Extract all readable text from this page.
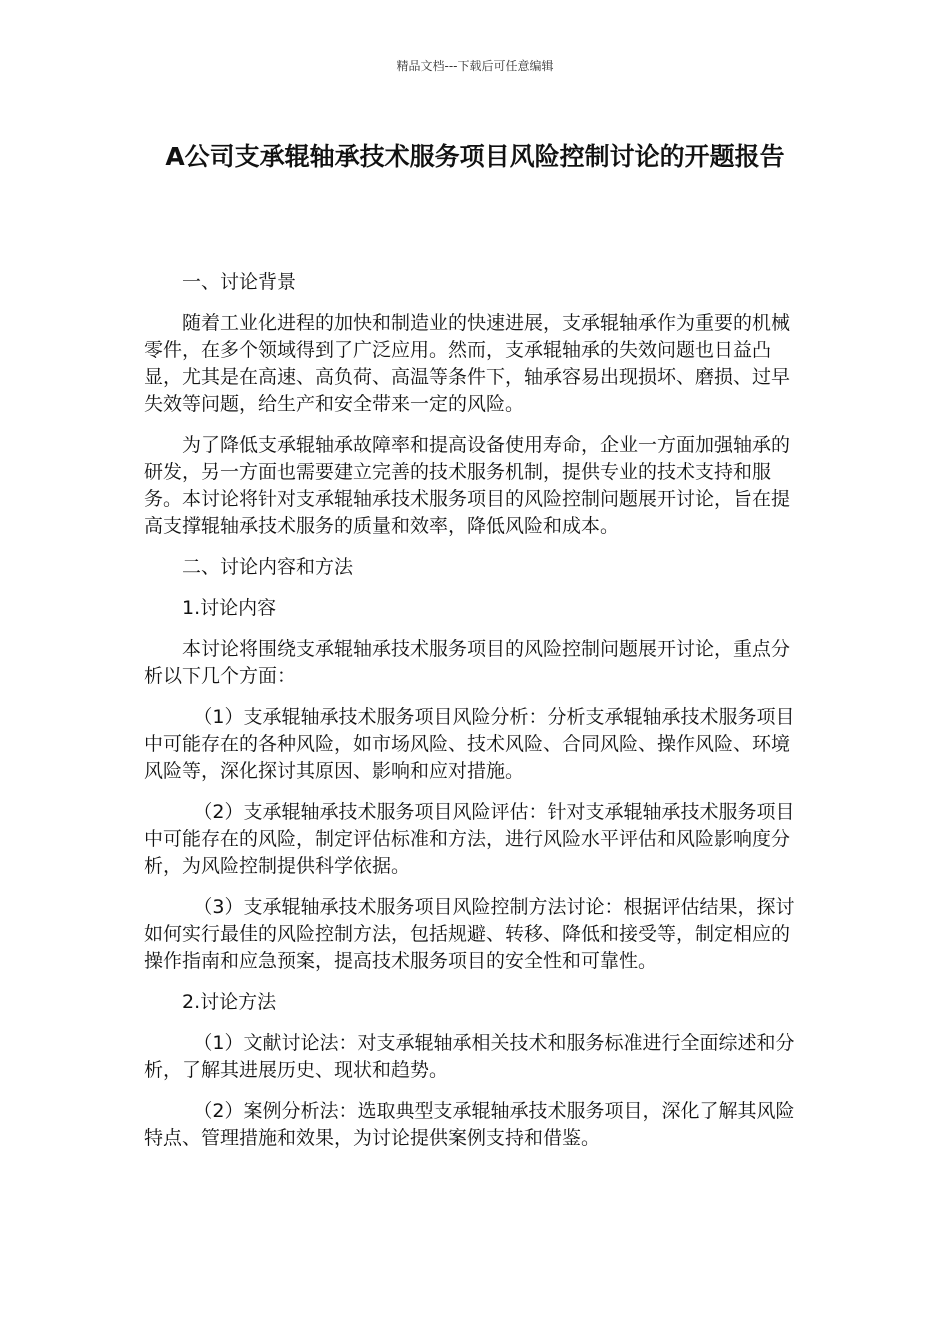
精品文档---下载后可任意编辑
A公司支承辊轴承技术服务项目风险控制讨论的开题报告

一、讨论背景

随着工业化进程的加快和制造业的快速进展，支承辊轴承作为重要的机械零件，在多个领域得到了广泛应用。然而，支承辊轴承的失效问题也日益凸显，尤其是在高速、高负荷、高温等条件下，轴承容易出现损坏、磨损、过早失效等问题，给生产和安全带来一定的风险。

为了降低支承辊轴承故障率和提高设备使用寿命，企业一方面加强轴承的研发，另一方面也需要建立完善的技术服务机制，提供专业的技术支持和服务。本讨论将针对支承辊轴承技术服务项目的风险控制问题展开讨论，旨在提高支撑辊轴承技术服务的质量和效率，降低风险和成本。

二、讨论内容和方法

1.讨论内容

本讨论将围绕支承辊轴承技术服务项目的风险控制问题展开讨论，重点分析以下几个方面：

（1）支承辊轴承技术服务项目风险分析：分析支承辊轴承技术服务项目中可能存在的各种风险，如市场风险、技术风险、合同风险、操作风险、环境风险等，深化探讨其原因、影响和应对措施。

（2）支承辊轴承技术服务项目风险评估：针对支承辊轴承技术服务项目中可能存在的风险，制定评估标准和方法，进行风险水平评估和风险影响度分析，为风险控制提供科学依据。

（3）支承辊轴承技术服务项目风险控制方法讨论：根据评估结果，探讨如何实行最佳的风险控制方法，包括规避、转移、降低和接受等，制定相应的操作指南和应急预案，提高技术服务项目的安全性和可靠性。

2.讨论方法

（1）文献讨论法：对支承辊轴承相关技术和服务标准进行全面综述和分析，了解其进展历史、现状和趋势。

（2）案例分析法：选取典型支承辊轴承技术服务项目，深化了解其风险特点、管理措施和效果，为讨论提供案例支持和借鉴。
